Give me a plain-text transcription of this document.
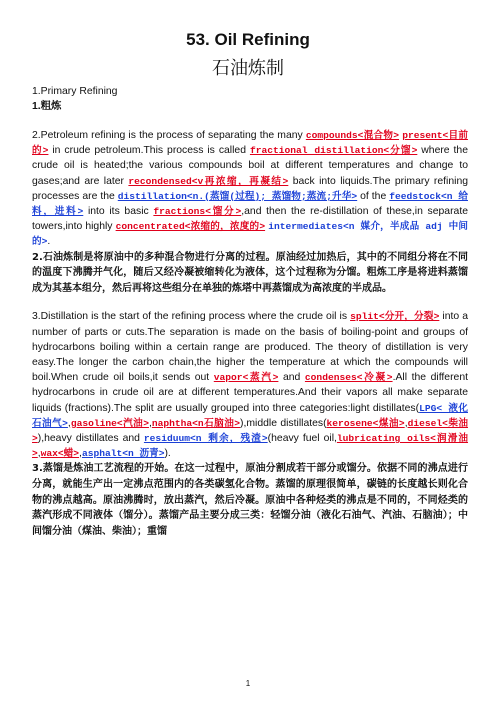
53. Oil Refining
石油炼制

1.Primary Refining

1.粗炼

2.Petroleum refining is the process of separating the many compounds<混合物> present<目前的> in crude petroleum.This process is called fractional distillation<分馏> where the crude oil is heated;the various compounds boil at different temperatures and change to gases;and are later recondensed<v再浓缩，再凝结> back into liquids.The primary refining processes are the distillation<n.(蒸馏(过程); 蒸馏物;蒸流;升华> of the feedstock<n 给料，进料> into its basic fractions<馏分>,and then the re-distillation of these,in separate towers,into highly concentrated<浓缩的，浓度的> intermediates<n 媒介，半成品 adj 中间的>.

2.石油炼制是将原油中的多种混合物进行分离的过程。原油经过加热后，其中的不同组分将在不同的温度下沸腾并气化，随后又经冷凝被缩转化为液体，这个过程称为分馏。粗炼工序是将进料蒸馏成为其基本组分，然后再将这些组分在单独的炼塔中再蒸馏成为高浓度的半成品。

3.Distillation is the start of the refining process where the crude oil is split<分开，分裂> into a number of parts or cuts.The separation is made on the basis of boiling-point and groups of hydrocarbons boiling within a certain range are produced. The theory of distillation is very easy.The longer the carbon chain,the higher the temperature at which the compounds will boil.When crude oil boils,it sends out vapor<蒸汽> and condenses<冷凝>.All the different hydrocarbons in crude oil are at different temperatures.And their vapors all make separate liquids (fractions).The split are usually grouped into three categories:light distillates(LPG< 液化石油气>,gasoline<汽油>,naphtha<n石脑油>),middle distillates(kerosene<煤油>,diesel<柴油>),heavy distillates and residuum<n 剩余，残渣>(heavy fuel oil,lubricating oils<润滑油>,wax<蜡>,asphalt<n 沥青>).

3.蒸馏是炼油工艺流程的开始。在这一过程中，原油分割成若干部分或馏分。依据不同的沸点进行分离，就能生产出一定沸点范围内的各类碳氢化合物。蒸馏的原理很简单，碳链的长度越长则化合物的沸点越高。原油沸腾时，放出蒸汽，然后冷凝。原油中各种烃类的沸点是不同的，不同烃类的蒸汽形成不同液体（馏分）。蒸馏产品主要分成三类：轻馏分油（液化石油气、汽油、石脑油）；中间馏分油（煤油、柴油）；重馏

1
